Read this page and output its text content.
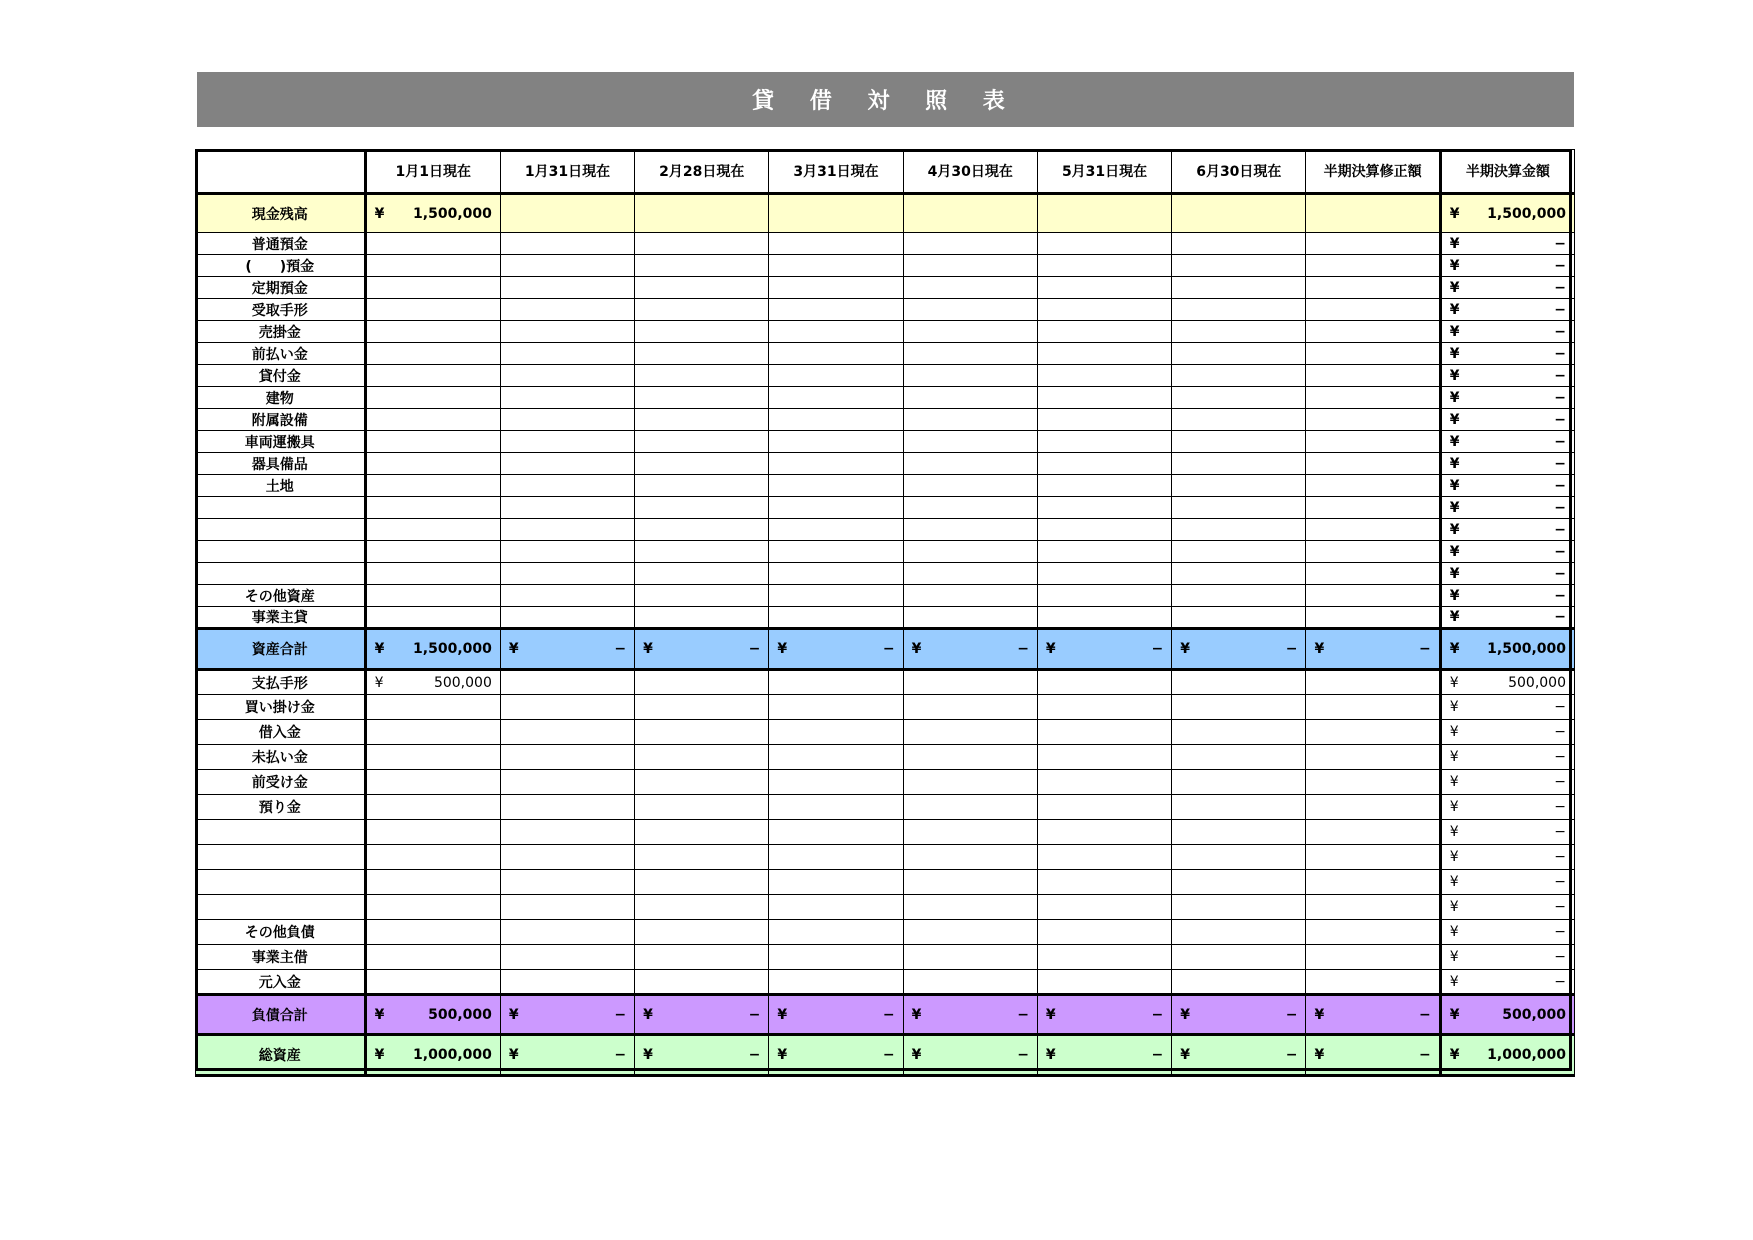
貸 借 対 照 表
	1月1日現在	1月31日現在	2月28日現在	3月31日現在	4月30日現在	5月31日現在	6月30日現在	半期決算修正額	半期決算金額
現金残高	¥ 1,500,000								¥ 1,500,000

普通預金									¥ −

(　　)預金									¥ −

定期預金									¥ −

受取手形									¥ −

売掛金									¥ −

前払い金									¥ −

貸付金									¥ −

建物									¥ −

附属設備									¥ −

車両運搬具									¥ −

器具備品									¥ −

土地									¥ −

									¥ −

									¥ −

									¥ −

									¥ −

その他資産									¥ −

事業主貸									¥ −

資産合計	¥ 1,500,000	¥ −	¥ −	¥ −	¥ −	¥ −	¥ −	¥ −	¥ 1,500,000

支払手形	¥ 500,000								¥ 500,000

買い掛け金									¥ −

借入金									¥ −

未払い金									¥ −

前受け金									¥ −

預り金									¥ −

									¥ −

									¥ −

									¥ −

									¥ −

その他負債									¥ −

事業主借									¥ −

元入金									¥ −

負債合計	¥ 500,000	¥ −	¥ −	¥ −	¥ −	¥ −	¥ −	¥ −	¥ 500,000

総資産	¥ 1,000,000	¥ −	¥ −	¥ −	¥ −	¥ −	¥ −	¥ −	¥ 1,000,000
